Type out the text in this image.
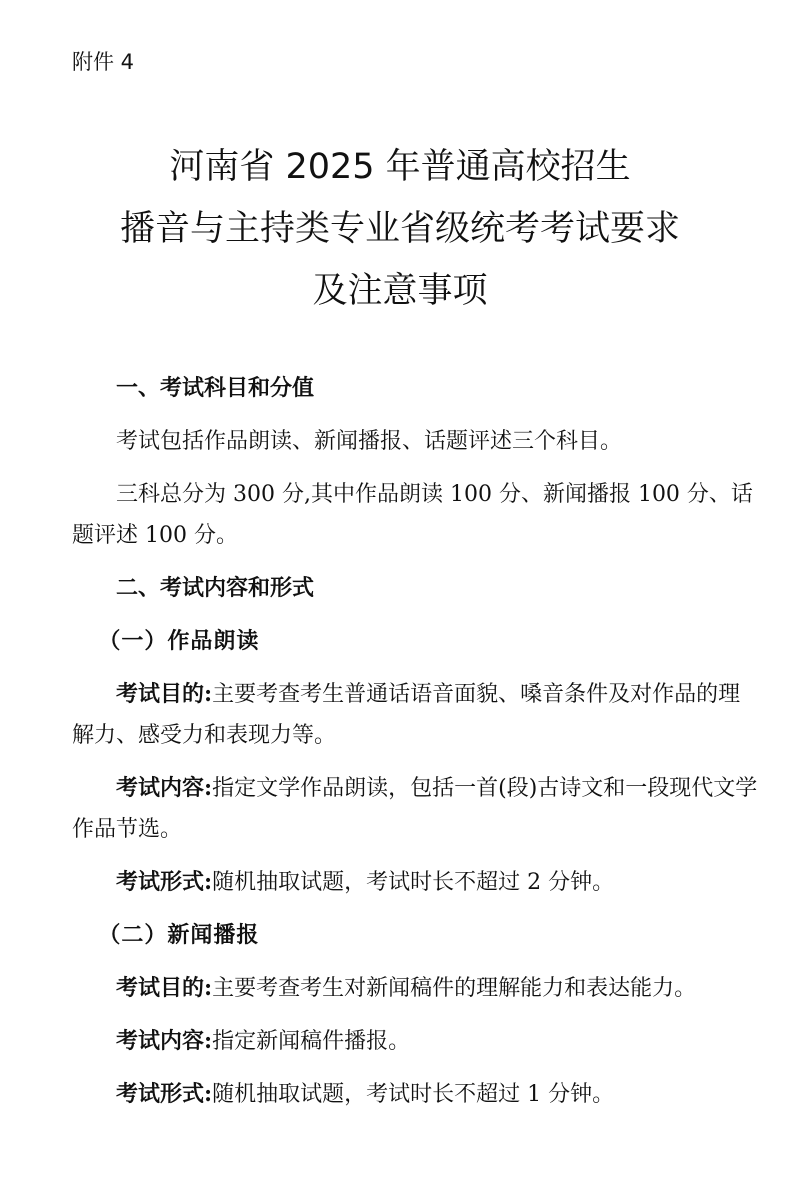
附件 4
河南省 2025 年普通高校招生
播音与主持类专业省级统考考试要求
及注意事项

一、考试科目和分值

考试包括作品朗读、新闻播报、话题评述三个科目。

三科总分为 300 分,其中作品朗读 100 分、新闻播报 100 分、话题评述 100 分。

二、考试内容和形式

（一）作品朗读

考试目的:主要考查考生普通话语音面貌、嗓音条件及对作品的理解力、感受力和表现力等。

考试内容:指定文学作品朗读，包括一首(段)古诗文和一段现代文学作品节选。

考试形式:随机抽取试题，考试时长不超过 2 分钟。

（二）新闻播报

考试目的:主要考查考生对新闻稿件的理解能力和表达能力。

考试内容:指定新闻稿件播报。

考试形式:随机抽取试题，考试时长不超过 1 分钟。
